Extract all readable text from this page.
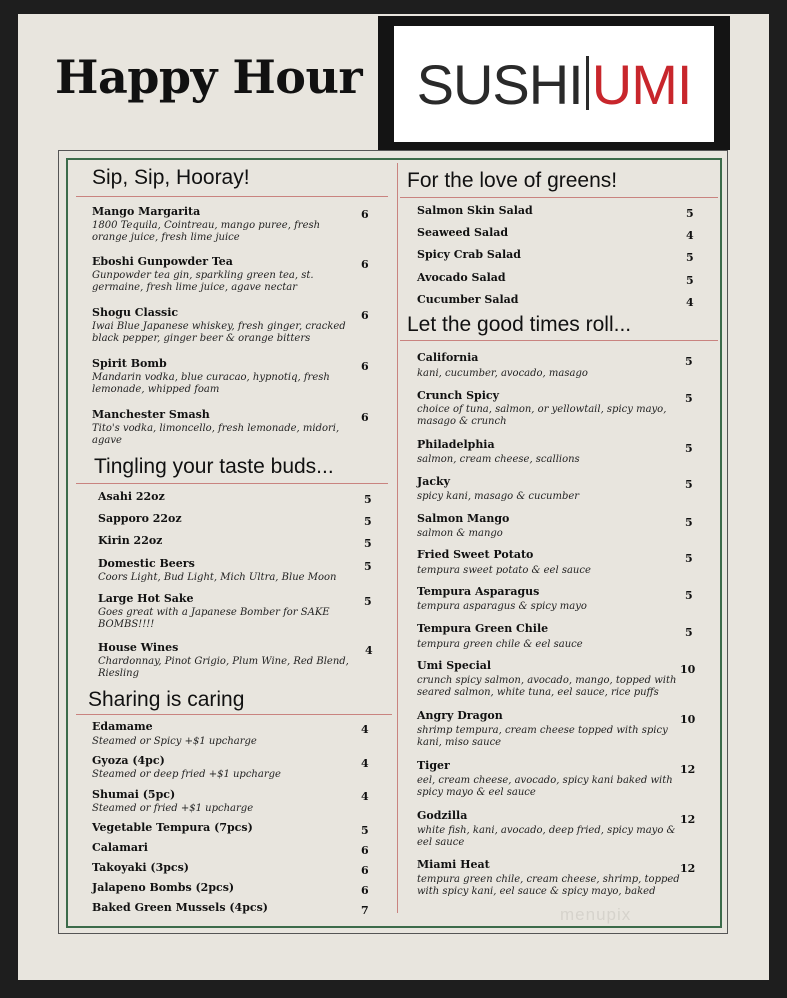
Happy Hour SUSHI UMI
Sip, Sip, Hooray!
Mango Margarita	6
1800 Tequila, Cointreau, mango puree, fresh orange juice, fresh lime juice
Eboshi Gunpowder Tea	6
Gunpowder tea gin, sparkling green tea, st. germaine, fresh lime juice, agave nectar
Shogu Classic	6
Iwai Blue Japanese whiskey, fresh ginger, cracked black pepper, ginger beer & orange bitters
Spirit Bomb	6
Mandarin vodka, blue curacao, hypnotiq, fresh lemonade, whipped foam
Manchester Smash	6
Tito's vodka, limoncello, fresh lemonade, midori, agave
Tingling your taste buds...
Asahi 22oz	5
Sapporo 22oz	5
Kirin 22oz	5
Domestic Beers	5
Coors Light, Bud Light, Mich Ultra, Blue Moon
Large Hot Sake	5
Goes great with a Japanese Bomber for SAKE BOMBS!!!!
House Wines	4
Chardonnay, Pinot Grigio, Plum Wine, Red Blend, Riesling
Sharing is caring
Edamame	4
Steamed or Spicy +$1 upcharge
Gyoza (4pc)	4
Steamed or deep fried +$1 upcharge
Shumai (5pc)	4
Steamed or fried +$1 upcharge
Vegetable Tempura (7pcs)	5
Calamari	6
Takoyaki (3pcs)	6
Jalapeno Bombs (2pcs)	6
Baked Green Mussels (4pcs)	7
For the love of greens!
Salmon Skin Salad	5
Seaweed Salad	4
Spicy Crab Salad	5
Avocado Salad	5
Cucumber Salad	4
Let the good times roll...
California	5
kani, cucumber, avocado, masago
Crunch Spicy	5
choice of tuna, salmon, or yellowtail, spicy mayo, masago & crunch
Philadelphia	5
salmon, cream cheese, scallions
Jacky	5
spicy kani, masago & cucumber
Salmon Mango	5
salmon & mango
Fried Sweet Potato	5
tempura sweet potato & eel sauce
Tempura Asparagus	5
tempura asparagus & spicy mayo
Tempura Green Chile	5
tempura green chile & eel sauce
Umi Special	10
crunch spicy salmon, avocado, mango, topped with seared salmon, white tuna, eel sauce, rice puffs
Angry Dragon	10
shrimp tempura, cream cheese topped with spicy kani, miso sauce
Tiger	12
eel, cream cheese, avocado, spicy kani baked with spicy mayo & eel sauce
Godzilla	12
white fish, kani, avocado, deep fried, spicy mayo & eel sauce
Miami Heat	12
tempura green chile, cream cheese, shrimp, topped with spicy kani, eel sauce & spicy mayo, baked
menupix
